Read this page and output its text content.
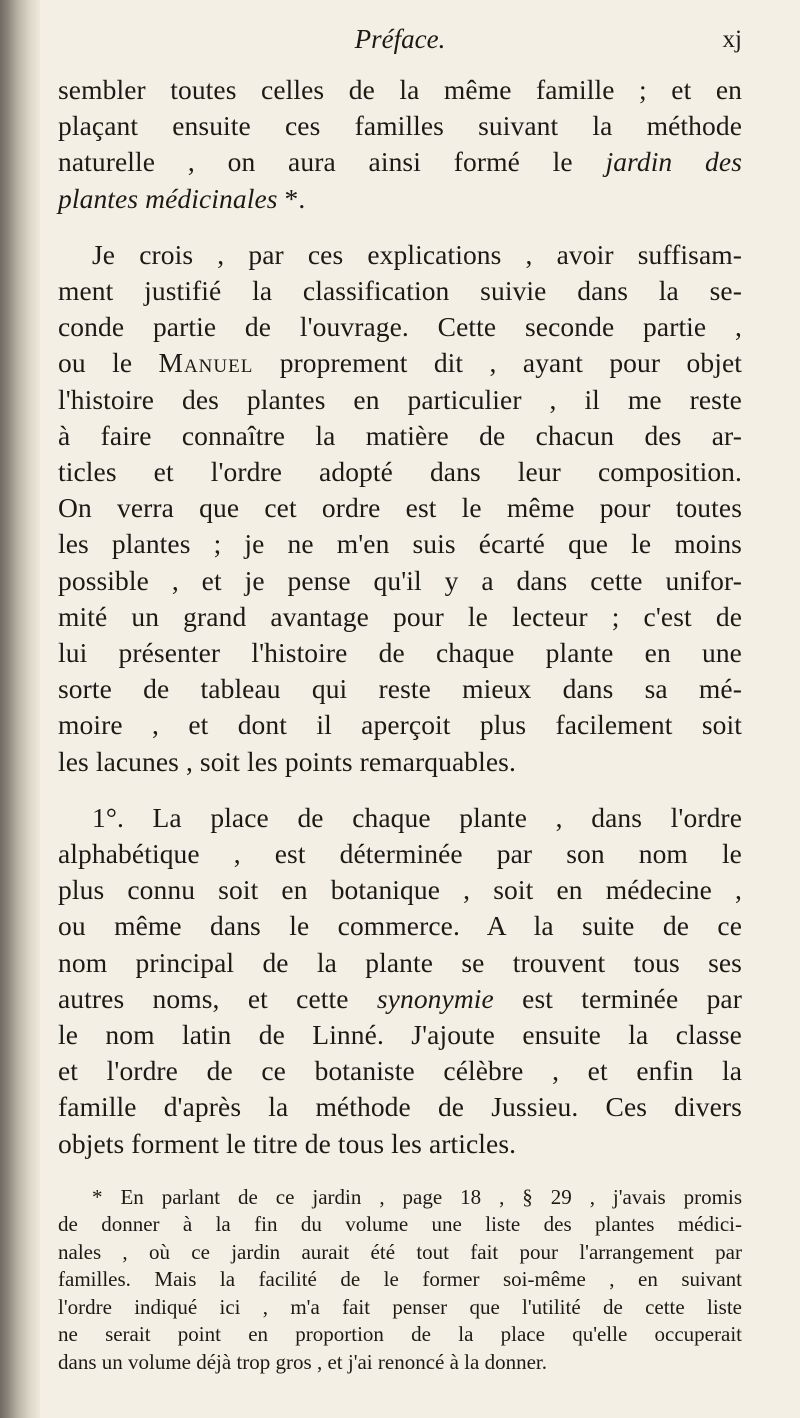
Préface.	xj

sembler toutes celles de la même famille ; et en
plaçant ensuite ces familles suivant la méthode
naturelle , on aura ainsi formé le jardin des
plantes médicinales *.

Je crois , par ces explications , avoir suffisam-
ment justifié la classification suivie dans la se-
conde partie de l'ouvrage. Cette seconde partie ,
ou le Manuel proprement dit , ayant pour objet
l'histoire des plantes en particulier , il me reste
à faire connaître la matière de chacun des ar-
ticles et l'ordre adopté dans leur composition.
On verra que cet ordre est le même pour toutes
les plantes ; je ne m'en suis écarté que le moins
possible , et je pense qu'il y a dans cette unifor-
mité un grand avantage pour le lecteur ; c'est de
lui présenter l'histoire de chaque plante en une
sorte de tableau qui reste mieux dans sa mé-
moire , et dont il aperçoit plus facilement soit
les lacunes , soit les points remarquables.

1°. La place de chaque plante , dans l'ordre
alphabétique , est déterminée par son nom le
plus connu soit en botanique , soit en médecine ,
ou même dans le commerce. A la suite de ce
nom principal de la plante se trouvent tous ses
autres noms, et cette synonymie est terminée par
le nom latin de Linné. J'ajoute ensuite la classe
et l'ordre de ce botaniste célèbre , et enfin la
famille d'après la méthode de Jussieu. Ces divers
objets forment le titre de tous les articles.

* En parlant de ce jardin , page 18 , § 29 , j'avais promis
de donner à la fin du volume une liste des plantes médici-
nales , où ce jardin aurait été tout fait pour l'arrangement par
familles. Mais la facilité de le former soi-même , en suivant
l'ordre indiqué ici , m'a fait penser que l'utilité de cette liste
ne serait point en proportion de la place qu'elle occuperait
dans un volume déjà trop gros , et j'ai renoncé à la donner.
